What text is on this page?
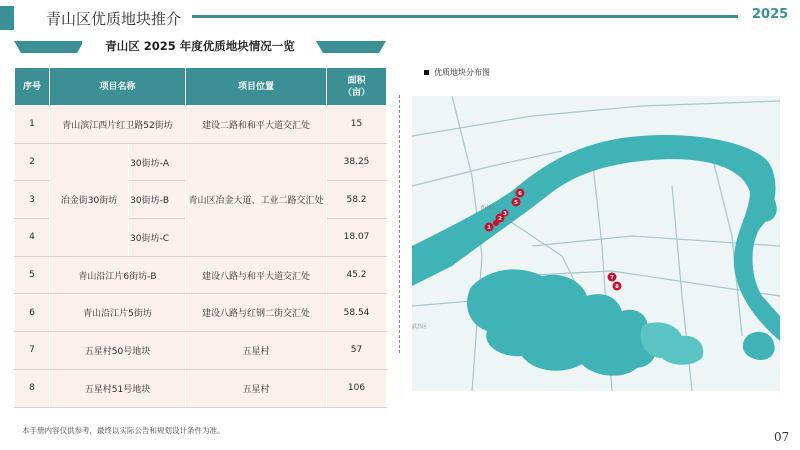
青山区优质地块推介	2025
青山区 2025 年度优质地块情况一览
序号	项目名称		项目位置	面积
（亩）

1	青山滨江西片红卫路52街坊		建设二路和和平大道交汇处	15
2	冶金街30街坊	30街坊-A	青山区冶金大道、工业二路交汇处	38.25
3		30街坊-B		58.2
4		30街坊-C		18.07
5	青山沿江片6街坊-B		建设八路与和平大道交汇处	45.2
6	青山沿江片5街坊		建设八路与红钢二街交汇处	58.54
7	五星村50号地块		五星村	57
8	五星村51号地块		五星村	106
优质地块分布图
青山区
武昌区
1
2
3
5
6
7
8
本手册内容仅供参考，最终以实际公告和规划设计条件为准。	07
